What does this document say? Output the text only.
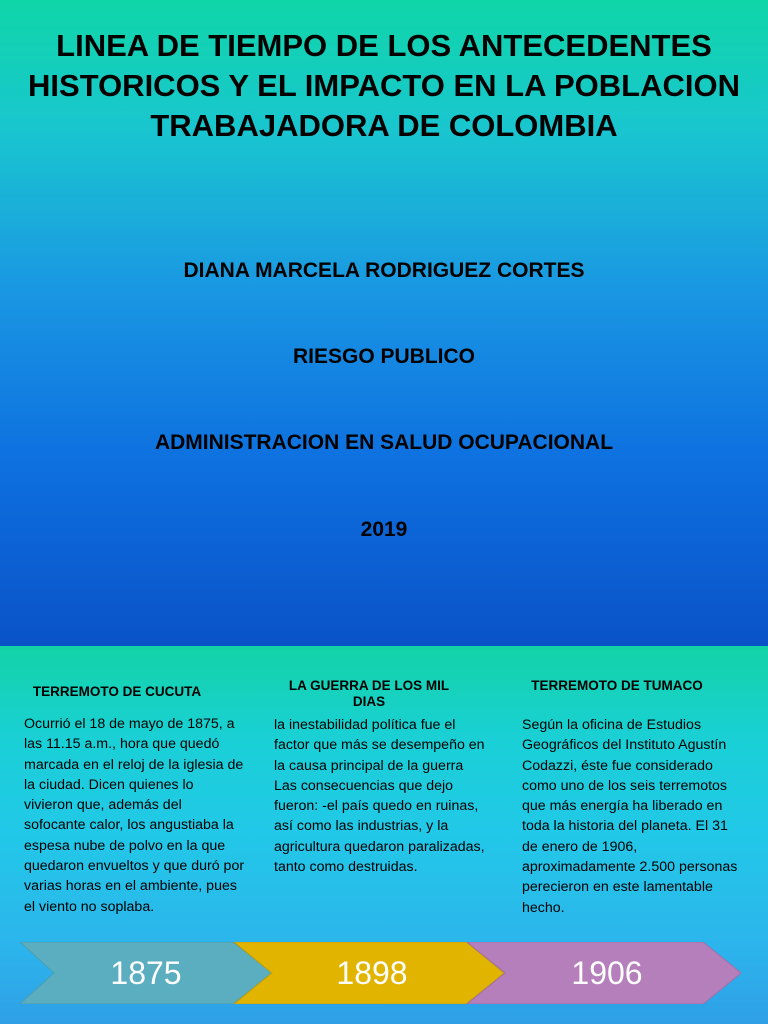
LINEA DE TIEMPO DE LOS ANTECEDENTES HISTORICOS Y EL IMPACTO EN LA POBLACION TRABAJADORA DE COLOMBIA
DIANA MARCELA RODRIGUEZ CORTES
RIESGO PUBLICO
ADMINISTRACION EN SALUD OCUPACIONAL
2019
TERREMOTO DE CUCUTA
Ocurrió el 18 de mayo de 1875, a las 11.15 a.m., hora que quedó marcada en el reloj de la iglesia de la ciudad. Dicen quienes lo vivieron que, además del sofocante calor, los angustiaba la espesa nube de polvo en la que quedaron envueltos y que duró por varias horas en el ambiente, pues el viento no soplaba.
LA GUERRA DE LOS MIL DIAS
la inestabilidad política fue el factor que más se desempeño en la causa principal de la guerra Las consecuencias que dejo fueron: -el país quedo en ruinas, así como las industrias, y la agricultura quedaron paralizadas, tanto como destruidas.
TERREMOTO DE TUMACO
Según la oficina de Estudios Geográficos del Instituto Agustín Codazzi, éste fue considerado como uno de los seis terremotos que más energía ha liberado en toda la historia del planeta. El 31 de enero de 1906, aproximadamente 2.500 personas perecieron en este lamentable hecho.
1875	1898	1906
